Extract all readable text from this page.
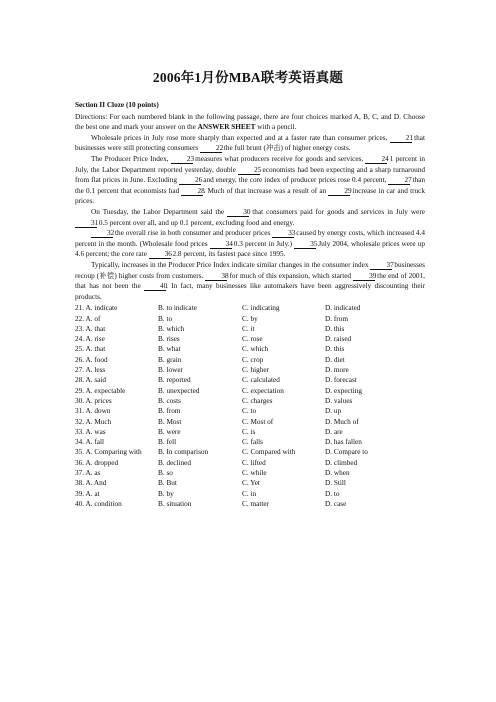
2006年1月份MBA联考英语真题
Section II Cloze (10 points)

Directions: For each numbered blank in the following passage, there are four choices marked A, B, C, and D. Choose the best one and mark your answer on the ANSWER SHEET with a pencil.

Wholesale prices in July rose more sharply than expected and at a faster rate than consumer prices, 21 that businesses were still protecting consumers 22 the full brunt (冲击) of higher energy costs.

The Producer Price Index, 23 measures what producers receive for goods and services, 24 1 percent in July, the Labor Department reported yesterday, double 25 economists had been expecting and a sharp turnaround from flat prices in June. Excluding 26 and energy, the core index of producer prices rose 0.4 percent, 27 than the 0.1 percent that economists had 28. Much of that increase was a result of an 29 increase in car and truck prices.

On Tuesday, the Labor Department said the 30 that consumers paid for goods and services in July were 31 0.5 percent over all, and up 0.1 percent, excluding food and energy.

32 the overall rise in both consumer and producer prices 33 caused by energy costs, which increased 4.4 percent in the month. (Wholesale food prices 34 0.3 percent in July.) 35 July 2004, wholesale prices were up 4.6 percent; the core rate 36 2.8 percent, its fastest pace since 1995.

Typically, increases in the Producer Price Index indicate similar changes in the consumer index 37 businesses recoup (补偿) higher costs from customers. 38 for much of this expansion, which started 39 the end of 2001, that has not been the 40. In fact, many businesses like automakers have been aggressively discounting their products.

21. A. indicate	B. to indicate	C. indicating	D. indicated
22. A. of	B. to	C. by	D. from
23. A. that	B. which	C. it	D. this
24. A. rise	B. rises	C. rose	D. raised
25. A. that	B. what	C. which	D. this
26. A. food	B. grain	C. crop	D. diet
27. A. less	B. lower	C. higher	D. more
28. A. said	B. reported	C. calculated	D. forecast
29. A. expectable	B. unexpected	C. expectation	D. expecting
30. A. prices	B. costs	C. charges	D. values
31. A. down	B. from	C. to	D. up
32. A. Much	B. Most	C. Most of	D. Much of
33. A. was	B. were	C. is	D. are
34. A. fall	B. fell	C. falls	D. has fallen
35. A. Comparing with	B. In comparison	C. Compared with	D. Compare to
36. A. dropped	B. declined	C. lifted	D. climbed
37. A. as	B. so	C. while	D. when
38. A. And	B. But	C. Yet	D. Still
39. A. at	B. by	C. in	D. to
40. A. condition	B. situation	C. matter	D. case
